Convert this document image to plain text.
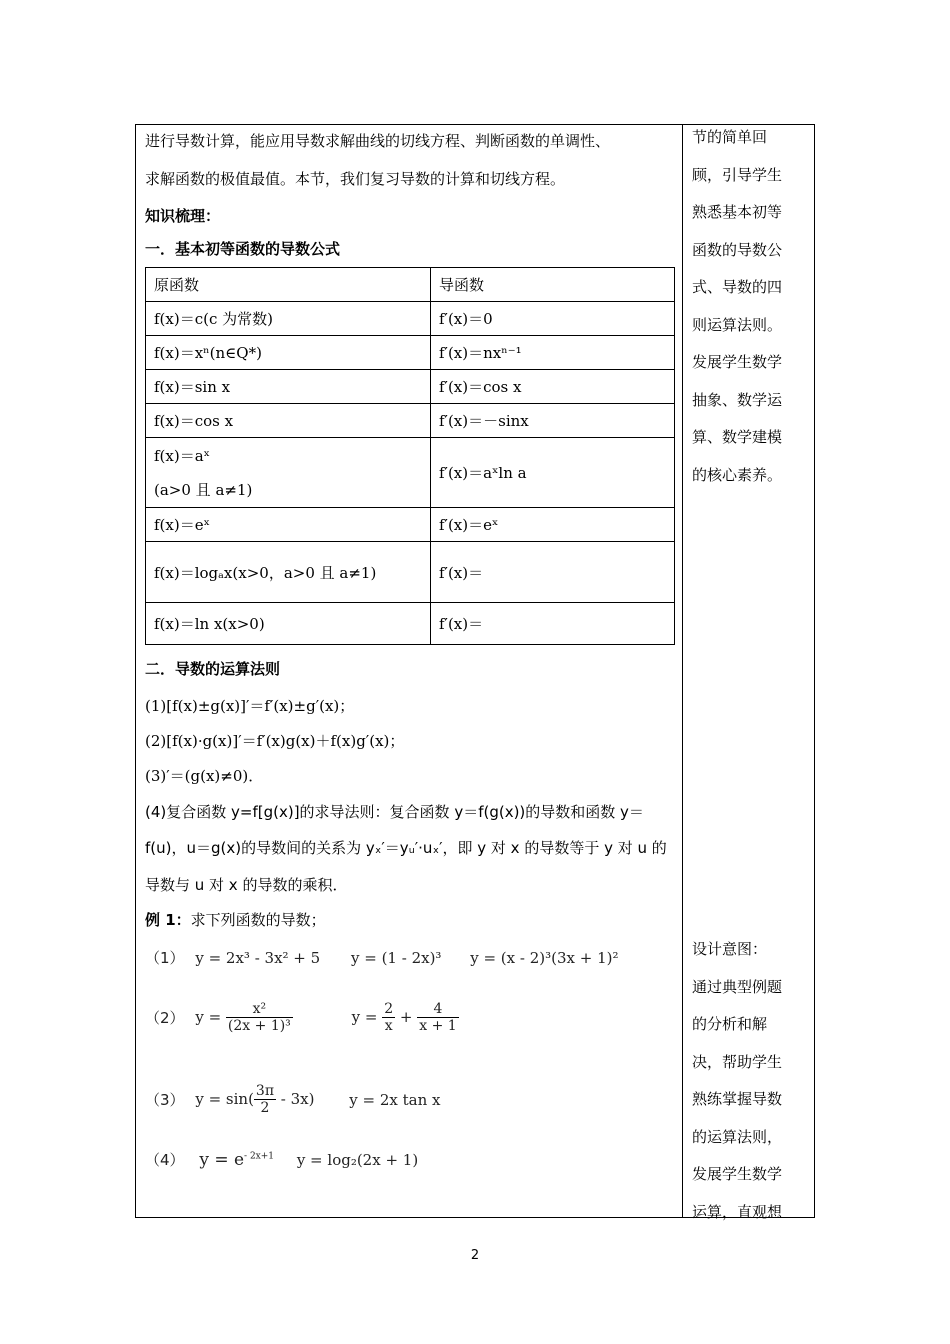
进行导数计算，能应用导数求解曲线的切线方程、判断函数的单调性、
求解函数的极值最值。本节，我们复习导数的计算和切线方程。
知识梳理：
一．基本初等函数的导数公式
原函数	导函数
f(x)＝c(c 为常数)	f′(x)＝0
f(x)＝xⁿ(n∈Q*)	f′(x)＝nxⁿ⁻¹
f(x)＝sin x	f′(x)＝cos x
f(x)＝cos x	f′(x)＝－sinx

f(x)＝aˣ
(a>0 且 a≠1)	f′(x)＝aˣln a
f(x)＝eˣ	f′(x)＝eˣ
f(x)＝logₐx(x>0，a>0 且 a≠1)	f′(x)＝
f(x)＝ln x(x>0)	f′(x)＝
二．导数的运算法则
(1)[f(x)±g(x)]′＝f′(x)±g′(x)；
(2)[f(x)·g(x)]′＝f′(x)g(x)＋f(x)g′(x)；
(3)′＝(g(x)≠0)．
(4)复合函数 y=f[g(x)]的求导法则：复合函数 y＝f(g(x))的导数和函数 y＝
f(u)，u＝g(x)的导数间的关系为 yₓ′＝yᵤ′·uₓ′，即 y 对 x 的导数等于 y 对 u 的
导数与 u 对 x 的导数的乘积．
例 1：求下列函数的导数；
（1） y = 2x³ - 3x² + 5 y = (1 - 2x)³ y = (x - 2)³(3x + 1)²
（2） $y = \frac{\text{x²}}{\text{(2x + 1)³}}$	$y = \frac{2}{x} + \frac{4}{x + 1}$
（3） $y = \sin( \frac{3\pi}{2} - 3x)$ y = 2x tan x
（4） $y = e^{- 2x+1}$ y = log₂(2x + 1)
节的简单回
顾，引导学生
熟悉基本初等
函数的导数公
式、导数的四
则运算法则。
发展学生数学
抽象、数学运
算、数学建模
的核心素养。
设计意图：
通过典型例题
的分析和解
决，帮助学生
熟练掌握导数
的运算法则，
发展学生数学
运算，直观想
2
